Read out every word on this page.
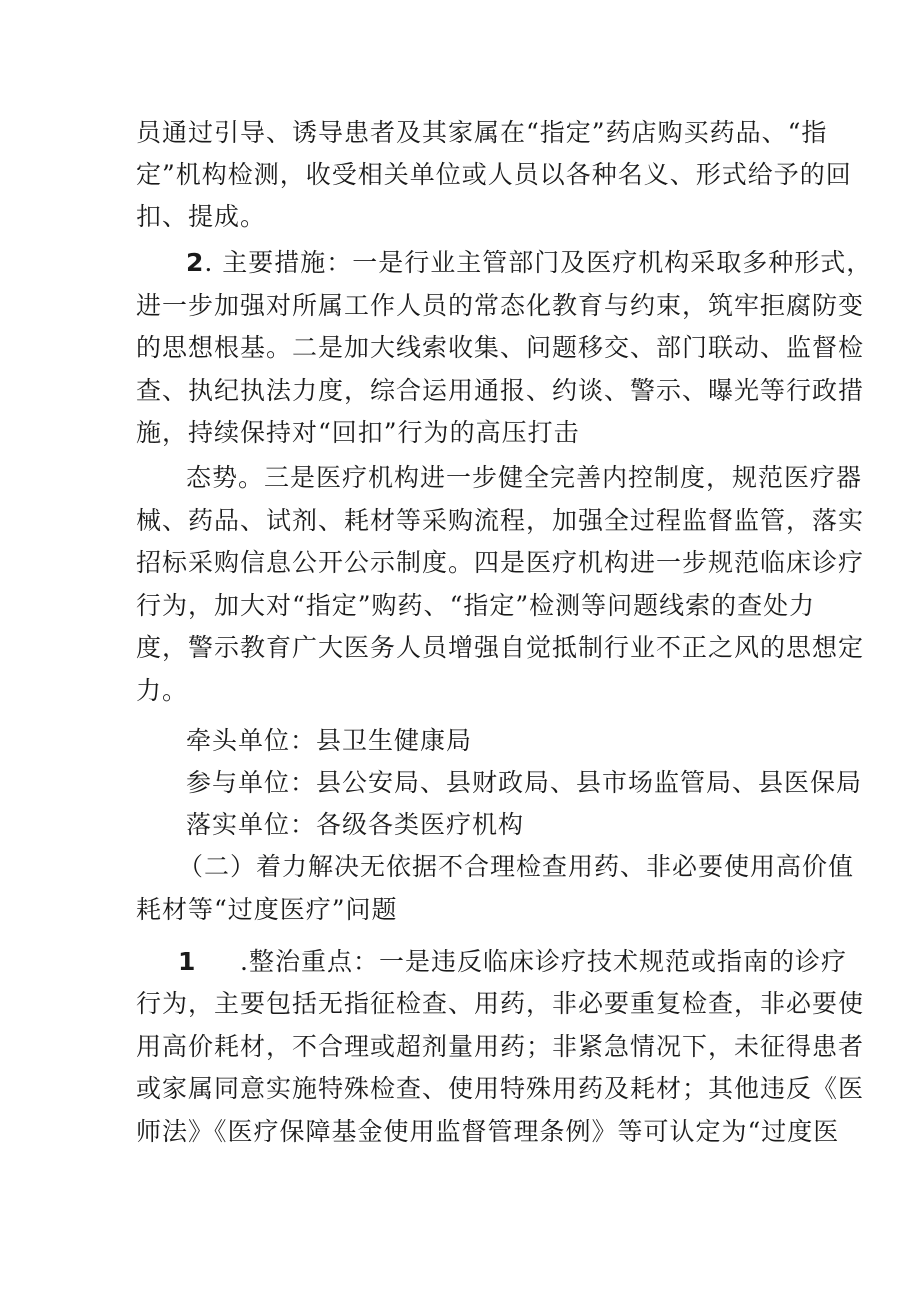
员通过引导、诱导患者及其家属在“指定”药店购买药品、“指
定”机构检测，收受相关单位或人员以各种名义、形式给予的回
扣、提成。
2. 主要措施：一是行业主管部门及医疗机构采取多种形式，
进一步加强对所属工作人员的常态化教育与约束，筑牢拒腐防变
的思想根基。二是加大线索收集、问题移交、部门联动、监督检
查、执纪执法力度，综合运用通报、约谈、警示、曝光等行政措
施，持续保持对“回扣”行为的高压打击
态势。三是医疗机构进一步健全完善内控制度，规范医疗器
械、药品、试剂、耗材等采购流程，加强全过程监督监管，落实
招标采购信息公开公示制度。四是医疗机构进一步规范临床诊疗
行为，加大对“指定”购药、“指定”检测等问题线索的查处力
度，警示教育广大医务人员增强自觉抵制行业不正之风的思想定
力。
牵头单位：县卫生健康局
参与单位：县公安局、县财政局、县市场监管局、县医保局
落实单位：各级各类医疗机构
（二）着力解决无依据不合理检查用药、非必要使用高价值
耗材等“过度医疗”问题
1 .整治重点：一是违反临床诊疗技术规范或指南的诊疗
行为，主要包括无指征检查、用药，非必要重复检查，非必要使
用高价耗材，不合理或超剂量用药；非紧急情况下，未征得患者
或家属同意实施特殊检查、使用特殊用药及耗材；其他违反《医
师法》《医疗保障基金使用监督管理条例》等可认定为“过度医
